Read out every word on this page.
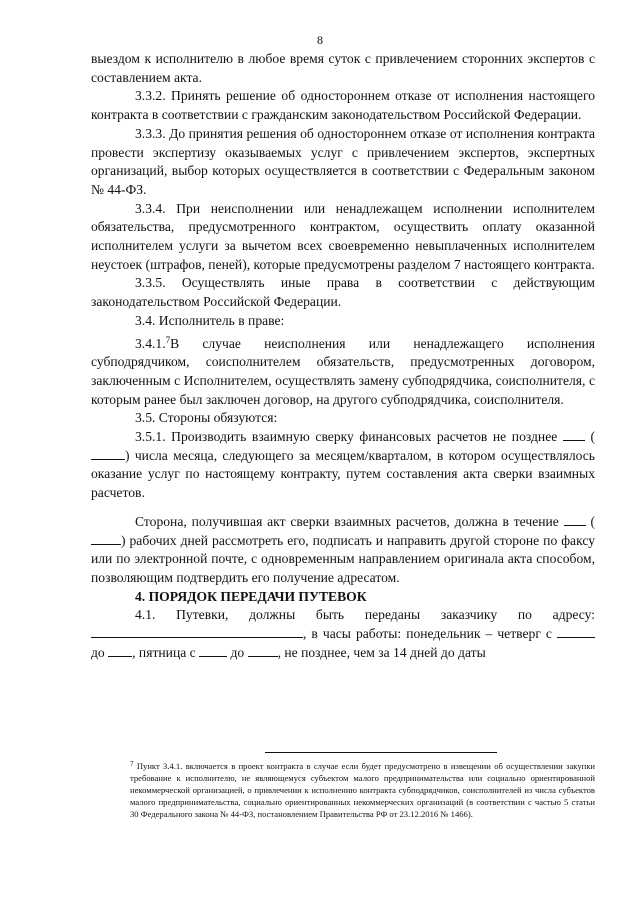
8

выездом к исполнителю в любое время суток с привлечением сторонних экспертов с составлением акта.

3.3.2. Принять решение об одностороннем отказе от исполнения настоящего контракта в соответствии с гражданским законодательством Российской Федерации.

3.3.3. До принятия решения об одностороннем отказе от исполнения контракта провести экспертизу оказываемых услуг с привлечением экспертов, экспертных организаций, выбор которых осуществляется в соответствии с Федеральным законом № 44-ФЗ.

3.3.4. При неисполнении или ненадлежащем исполнении исполнителем обязательства, предусмотренного контрактом, осуществить оплату оказанной исполнителем услуги за вычетом всех своевременно невыплаченных исполнителем неустоек (штрафов, пеней), которые предусмотрены разделом 7 настоящего контракта.

3.3.5. Осуществлять иные права в соответствии с действующим законодательством Российской Федерации.

3.4. Исполнитель в праве:

3.4.1.$^7$В случае неисполнения или ненадлежащего исполнения субподрядчиком, соисполнителем обязательств, предусмотренных договором, заключенным с Исполнителем, осуществлять замену субподрядчика, соисполнителя, с которым ранее был заключен договор, на другого субподрядчика, соисполнителя.

3.5. Стороны обязуются:

3.5.1. Производить взаимную сверку финансовых расчетов не позднее  () числа месяца, следующего за месяцем/кварталом, в котором осуществлялось оказание услуг по настоящему контракту, путем составления акта сверки взаимных расчетов.

Сторона, получившая акт сверки взаимных расчетов, должна в течение  () рабочих дней рассмотреть его, подписать и направить другой стороне по факсу или по электронной почте, с одновременным направлением оригинала акта способом, позволяющим подтвердить его получение адресатом.

4. ПОРЯДОК ПЕРЕДАЧИ ПУТЕВОК

4.1. Путевки, должны быть переданы заказчику по адресу: , в часы работы: понедельник – четверг с  до , пятница с  до , не позднее, чем за 14 дней до даты

$^7$ Пункт 3.4.1. включается в проект контракта в случае если будет предусмотрено в извещении об осуществлении закупки требование к исполнителю, не являющемуся субъектом малого предпринимательства или социально ориентированной некоммерческой организацией, о привлечении к исполнению контракта субподрядчиков, соисполнителей из числа субъектов малого предпринимательства, социально ориентированных некоммерческих организаций (в соответствии с частью 5 статьи 30 Федерального закона № 44-ФЗ, постановлением Правительства РФ от 23.12.2016 № 1466).
